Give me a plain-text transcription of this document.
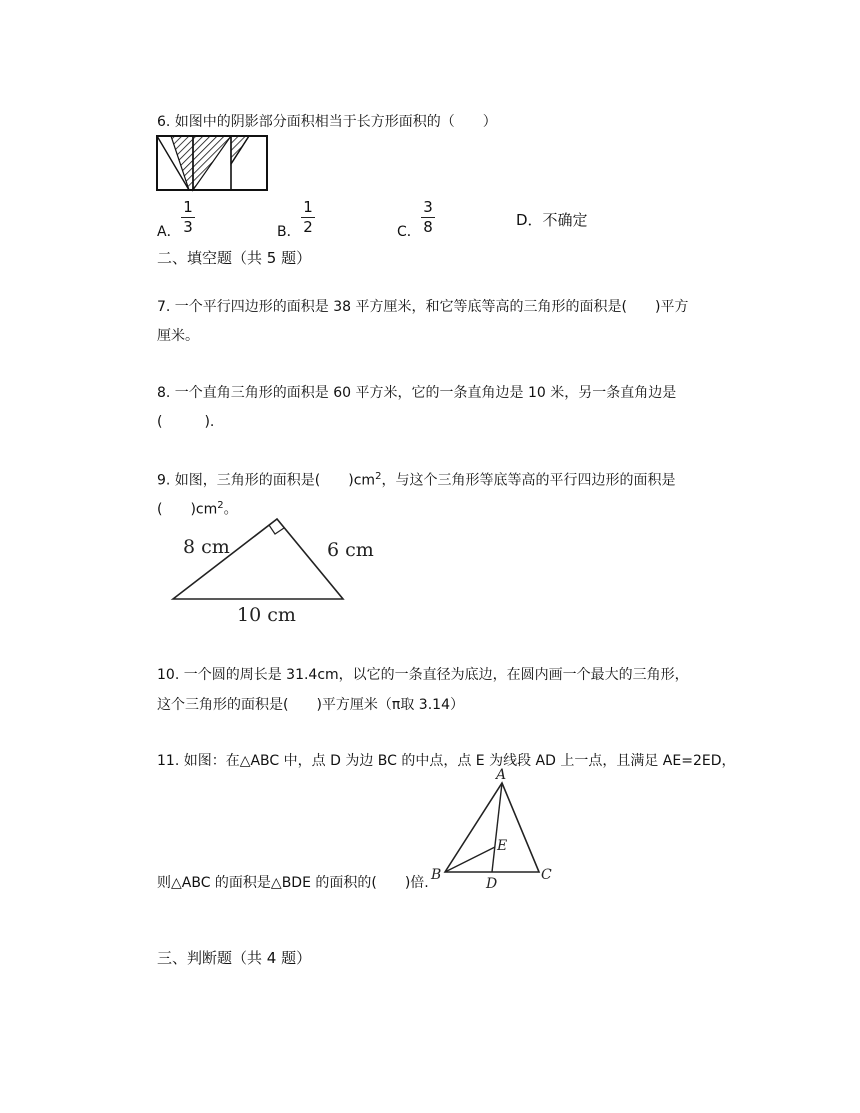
6. 如图中的阴影部分面积相当于长方形面积的（　　）
A．
1
3	B．
1
2	C．
3
8	D．不确定
二、填空题（共 5 题）
7. 一个平行四边形的面积是 38 平方厘米，和它等底等高的三角形的面积是(　　)平方
厘米。
8. 一个直角三角形的面积是 60 平方米，它的一条直角边是 10 米，另一条直角边是
(　　　).
9. 如图，三角形的面积是(　　)$cm^2$，与这个三角形等底等高的平行四边形的面积是
(　　)$cm^2$。
8 cm	6 cm
10 cm
10. 一个圆的周长是 31.4cm，以它的一条直径为底边，在圆内画一个最大的三角形，
这个三角形的面积是(　　)平方厘米（π取 3.14）
11. 如图：在△ABC 中，点 D 为边 BC 的中点，点 E 为线段 AD 上一点，且满足 AE=2ED，
A
B	C
D
E
则△ABC 的面积是△BDE 的面积的(　　)倍.
三、判断题（共 4 题）
